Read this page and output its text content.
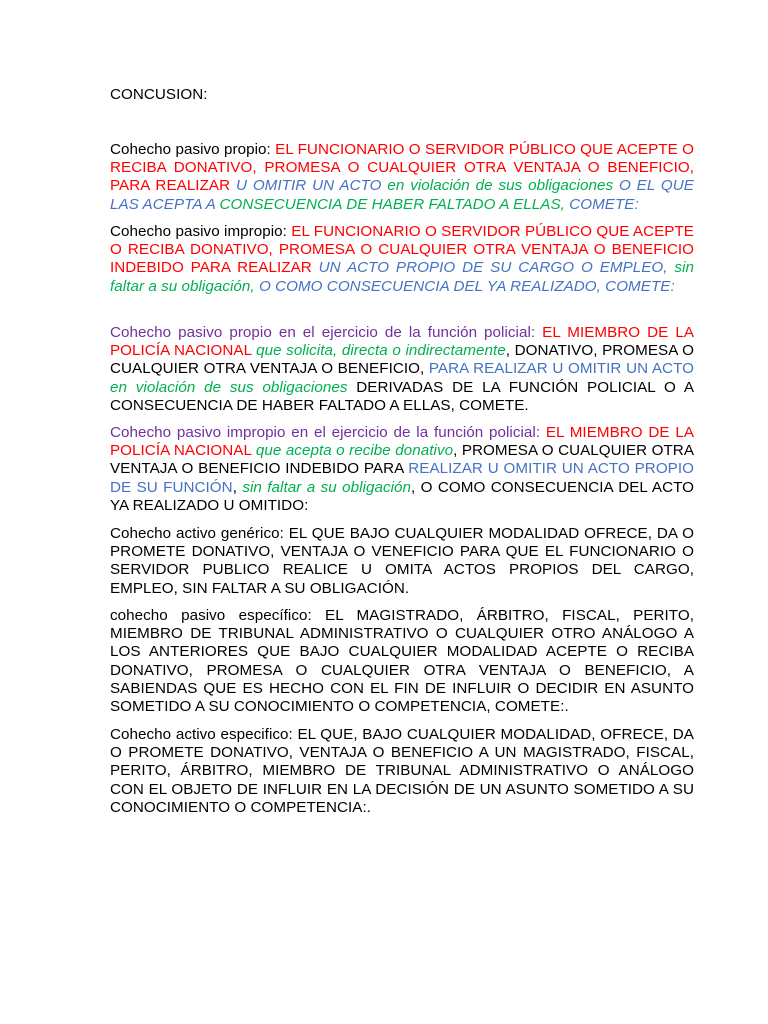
CONCUSION:

Cohecho pasivo propio: EL FUNCIONARIO O SERVIDOR PÚBLICO QUE ACEPTE O RECIBA DONATIVO, PROMESA O CUALQUIER OTRA VENTAJA O BENEFICIO, PARA REALIZAR U OMITIR UN ACTO en violación de sus obligaciones O EL QUE LAS ACEPTA A CONSECUENCIA DE HABER FALTADO A ELLAS, COMETE:

Cohecho pasivo impropio: EL FUNCIONARIO O SERVIDOR PÚBLICO QUE ACEPTE O RECIBA DONATIVO, PROMESA O CUALQUIER OTRA VENTAJA O BENEFICIO INDEBIDO PARA REALIZAR UN ACTO PROPIO DE SU CARGO O EMPLEO, sin faltar a su obligación, O COMO CONSECUENCIA DEL YA REALIZADO, COMETE:

Cohecho pasivo propio en el ejercicio de la función policial: EL MIEMBRO DE LA POLICÍA NACIONAL que solicita, directa o indirectamente, DONATIVO, PROMESA O CUALQUIER OTRA VENTAJA O BENEFICIO, PARA REALIZAR U OMITIR UN ACTO en violación de sus obligaciones DERIVADAS DE LA FUNCIÓN POLICIAL O A CONSECUENCIA DE HABER FALTADO A ELLAS, COMETE.

Cohecho pasivo impropio en el ejercicio de la función policial: EL MIEMBRO DE LA POLICÍA NACIONAL que acepta o recibe donativo, PROMESA O CUALQUIER OTRA VENTAJA O BENEFICIO INDEBIDO PARA REALIZAR U OMITIR UN ACTO PROPIO DE SU FUNCIÓN, sin faltar a su obligación, O COMO CONSECUENCIA DEL ACTO YA REALIZADO U OMITIDO:

Cohecho activo genérico: EL QUE BAJO CUALQUIER MODALIDAD OFRECE, DA O PROMETE DONATIVO, VENTAJA O VENEFICIO PARA QUE EL FUNCIONARIO O SERVIDOR PUBLICO REALICE U OMITA ACTOS PROPIOS DEL CARGO, EMPLEO, SIN FALTAR A SU OBLIGACIÓN.

cohecho pasivo específico: EL MAGISTRADO, ÁRBITRO, FISCAL, PERITO, MIEMBRO DE TRIBUNAL ADMINISTRATIVO O CUALQUIER OTRO ANÁLOGO A LOS ANTERIORES QUE BAJO CUALQUIER MODALIDAD ACEPTE O RECIBA DONATIVO, PROMESA O CUALQUIER OTRA VENTAJA O BENEFICIO, A SABIENDAS QUE ES HECHO CON EL FIN DE INFLUIR O DECIDIR EN ASUNTO SOMETIDO A SU CONOCIMIENTO O COMPETENCIA, COMETE:.

Cohecho activo especifico: EL QUE, BAJO CUALQUIER MODALIDAD, OFRECE, DA O PROMETE DONATIVO, VENTAJA O BENEFICIO A UN MAGISTRADO, FISCAL, PERITO, ÁRBITRO, MIEMBRO DE TRIBUNAL ADMINISTRATIVO O ANÁLOGO CON EL OBJETO DE INFLUIR EN LA DECISIÓN DE UN ASUNTO SOMETIDO A SU CONOCIMIENTO O COMPETENCIA:.
